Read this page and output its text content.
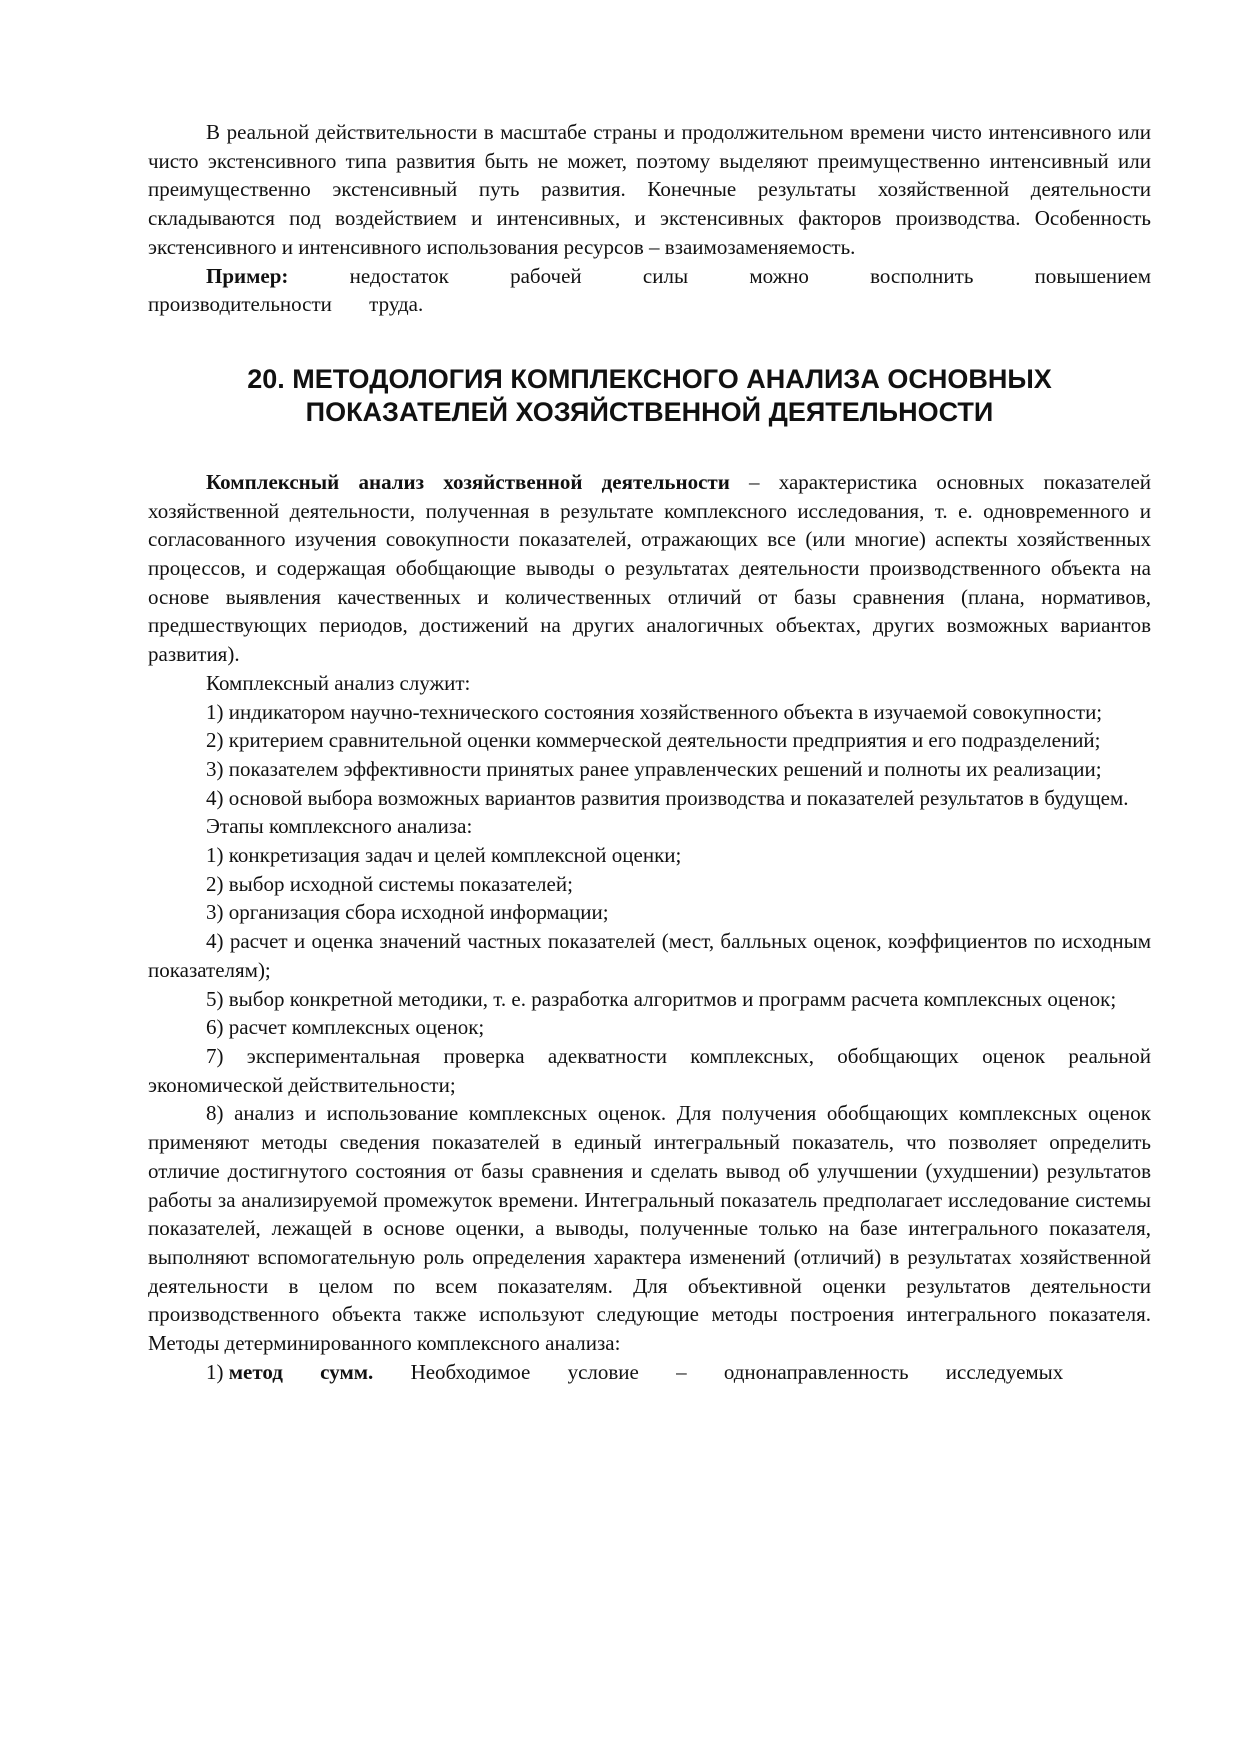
В реальной действительности в масштабе страны и продолжительном времени чисто интенсивного или чисто экстенсивного типа развития быть не может, поэтому выделяют преимущественно интенсивный или преимущественно экстенсивный путь развития. Конечные результаты хозяйственной деятельности складываются под воздействием и интенсивных, и экстенсивных факторов производства. Особенность экстенсивного и интенсивного использования ресурсов – взаимозаменяемость.

Пример: недостаток рабочей силы можно восполнить повышением производительности труда.

20. МЕТОДОЛОГИЯ КОМПЛЕКСНОГО АНАЛИЗА ОСНОВНЫХ
ПОКАЗАТЕЛЕЙ ХОЗЯЙСТВЕННОЙ ДЕЯТЕЛЬНОСТИ

Комплексный анализ хозяйственной деятельности – характеристика основных показателей хозяйственной деятельности, полученная в результате комплексного исследования, т. е. одновременного и согласованного изучения совокупности показателей, отражающих все (или многие) аспекты хозяйственных процессов, и содержащая обобщающие выводы о результатах деятельности производственного объекта на основе выявления качественных и количественных отличий от базы сравнения (плана, нормативов, предшествующих периодов, достижений на других аналогичных объектах, других возможных вариантов развития).

Комплексный анализ служит:

1) индикатором научно-технического состояния хозяйственного объекта в изучаемой совокупности;

2) критерием сравнительной оценки коммерческой деятельности предприятия и его подразделений;

3) показателем эффективности принятых ранее управленческих решений и полноты их реализации;

4) основой выбора возможных вариантов развития производства и показателей результатов в будущем.

Этапы комплексного анализа:

1) конкретизация задач и целей комплексной оценки;

2) выбор исходной системы показателей;

3) организация сбора исходной информации;

4) расчет и оценка значений частных показателей (мест, балльных оценок, коэффициентов по исходным показателям);

5) выбор конкретной методики, т. е. разработка алгоритмов и программ расчета комплексных оценок;

6) расчет комплексных оценок;

7) экспериментальная проверка адекватности комплексных, обобщающих оценок реальной экономической действительности;

8) анализ и использование комплексных оценок. Для получения обобщающих комплексных оценок применяют методы сведения показателей в единый интегральный показатель, что позволяет определить отличие достигнутого состояния от базы сравнения и сделать вывод об улучшении (ухудшении) результатов работы за анализируемой промежуток времени. Интегральный показатель предполагает исследование системы показателей, лежащей в основе оценки, а выводы, полученные только на базе интегрального показателя, выполняют вспомогательную роль определения характера изменений (отличий) в результатах хозяйственной деятельности в целом по всем показателям. Для объективной оценки результатов деятельности производственного объекта также используют следующие методы построения интегрального показателя. Методы детерминированного комплексного анализа:

1) метод сумм. Необходимое условие – однонаправленность исследуемых
